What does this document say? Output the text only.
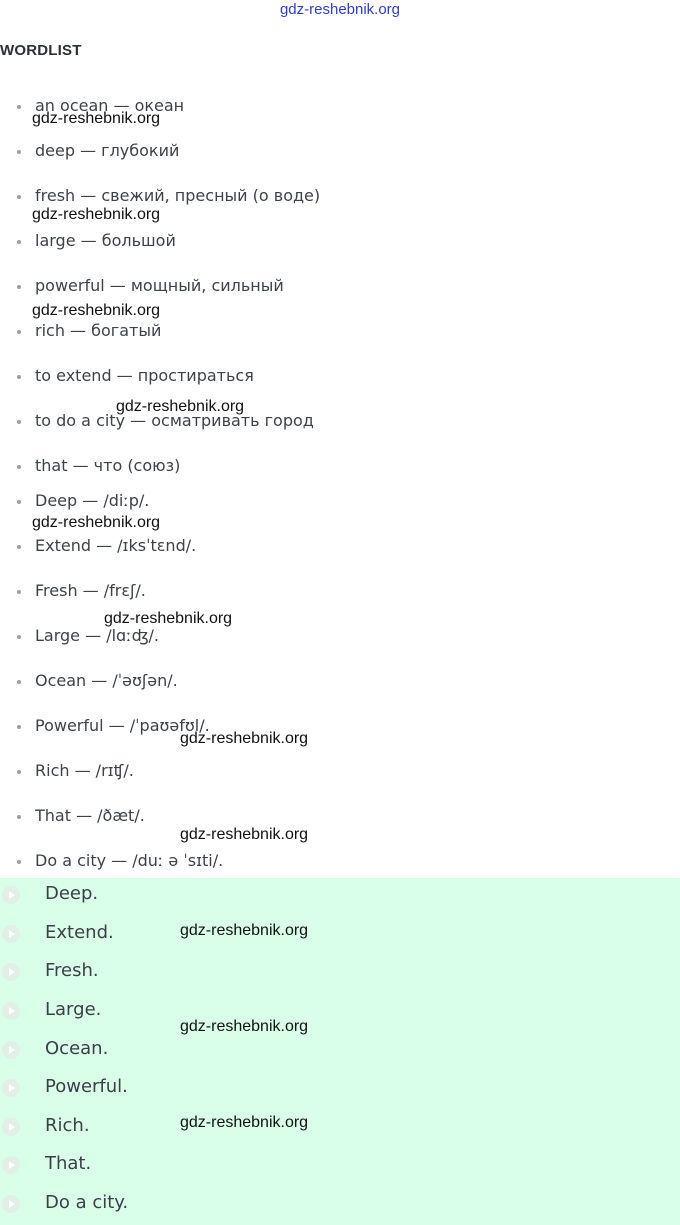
gdz-reshebnik.org
WORDLIST
an ocean — океан
deep — глубокий
fresh — свежий, пресный (о воде)
large — большой
powerful — мощный, сильный
rich — богатый
to extend — простираться
to do a city — осматривать город
that — что (союз)
Deep — /diːp/.
Extend — /ɪksˈtɛnd/.
Fresh — /frɛʃ/.
Large — /lɑːʤ/.
Ocean — /ˈəʊʃən/.
Powerful — /ˈpaʊəfʊl/.
Rich — /rɪʧ/.
That — /ðæt/.
Do a city — /duː ə ˈsɪti/.
Deep.
Extend.
Fresh.
Large.
Ocean.
Powerful.
Rich.
That.
Do a city.
gdz-reshebnik.org
gdz-reshebnik.org
gdz-reshebnik.org
gdz-reshebnik.org
gdz-reshebnik.org
gdz-reshebnik.org
gdz-reshebnik.org
gdz-reshebnik.org
gdz-reshebnik.org
gdz-reshebnik.org
gdz-reshebnik.org
